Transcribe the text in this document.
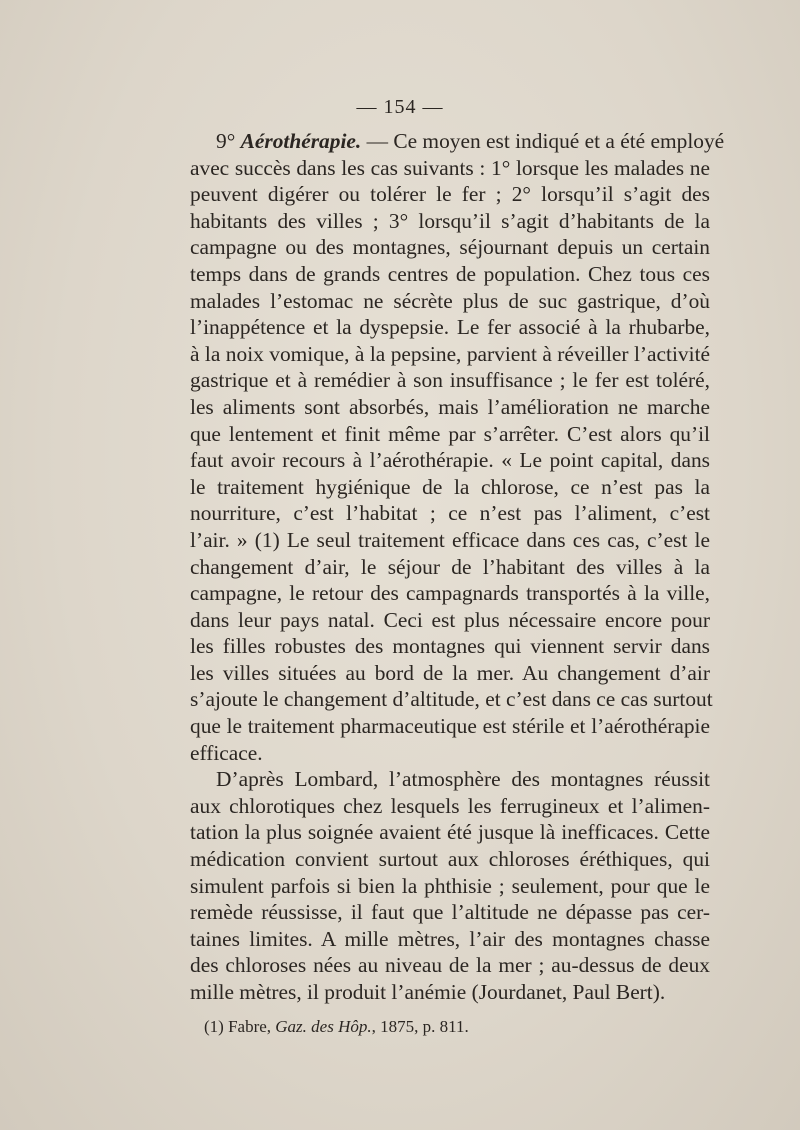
— 154 —
9° Aérothérapie. — Ce moyen est indiqué et a été employé
avec succès dans les cas suivants : 1° lorsque les malades ne
peuvent digérer ou tolérer le fer ; 2° lorsqu’il s’agit des
habitants des villes ; 3° lorsqu’il s’agit d’habitants de la
campagne ou des montagnes, séjournant depuis un certain
temps dans de grands centres de population. Chez tous ces
malades l’estomac ne sécrète plus de suc gastrique, d’où
l’inappétence et la dyspepsie. Le fer associé à la rhubarbe,
à la noix vomique, à la pepsine, parvient à réveiller l’activité
gastrique et à remédier à son insuffisance ; le fer est toléré,
les aliments sont absorbés, mais l’amélioration ne marche
que lentement et finit même par s’arrêter. C’est alors qu’il
faut avoir recours à l’aérothérapie. « Le point capital, dans
le traitement hygiénique de la chlorose, ce n’est pas la
nourriture, c’est l’habitat ; ce n’est pas l’aliment, c’est
l’air. » (1) Le seul traitement efficace dans ces cas, c’est le
changement d’air, le séjour de l’habitant des villes à la
campagne, le retour des campagnards transportés à la ville,
dans leur pays natal. Ceci est plus nécessaire encore pour
les filles robustes des montagnes qui viennent servir dans
les villes situées au bord de la mer. Au changement d’air
s’ajoute le changement d’altitude, et c’est dans ce cas surtout
que le traitement pharmaceutique est stérile et l’aérothérapie
efficace.
D’après Lombard, l’atmosphère des montagnes réussit
aux chlorotiques chez lesquels les ferrugineux et l’alimen-
tation la plus soignée avaient été jusque là inefficaces. Cette
médication convient surtout aux chloroses éréthiques, qui
simulent parfois si bien la phthisie ; seulement, pour que le
remède réussisse, il faut que l’altitude ne dépasse pas cer-
taines limites. A mille mètres, l’air des montagnes chasse
des chloroses nées au niveau de la mer ; au-dessus de deux
mille mètres, il produit l’anémie (Jourdanet, Paul Bert).
(1) Fabre, Gaz. des Hôp., 1875, p. 811.
